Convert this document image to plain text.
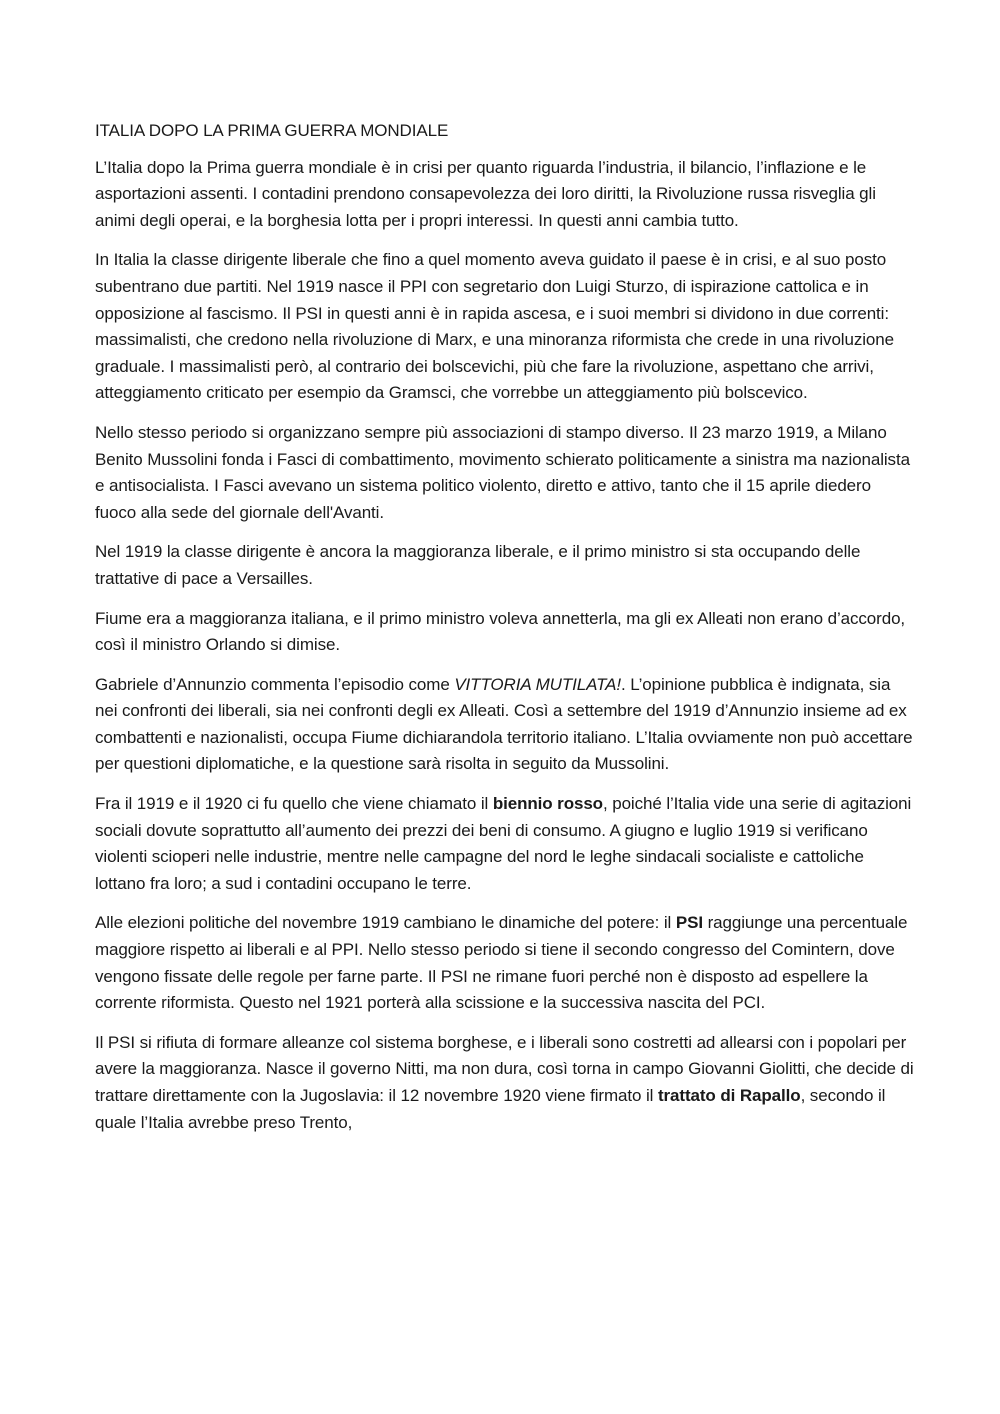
ITALIA DOPO LA PRIMA GUERRA MONDIALE

L’Italia dopo la Prima guerra mondiale è in crisi per quanto riguarda l’industria, il bilancio, l’inflazione e le asportazioni assenti. I contadini prendono consapevolezza dei loro diritti, la Rivoluzione russa risveglia gli animi degli operai, e la borghesia lotta per i propri interessi. In questi anni cambia tutto.

In Italia la classe dirigente liberale che fino a quel momento aveva guidato il paese è in crisi, e al suo posto subentrano due partiti. Nel 1919 nasce il PPI con segretario don Luigi Sturzo, di ispirazione cattolica e in opposizione al fascismo. Il PSI in questi anni è in rapida ascesa, e i suoi membri si dividono in due correnti: massimalisti, che credono nella rivoluzione di Marx, e una minoranza riformista che crede in una rivoluzione graduale. I massimalisti però, al contrario dei bolscevichi, più che fare la rivoluzione, aspettano che arrivi, atteggiamento criticato per esempio da Gramsci, che vorrebbe un atteggiamento più bolscevico.

Nello stesso periodo si organizzano sempre più associazioni di stampo diverso. Il 23 marzo 1919, a Milano Benito Mussolini fonda i Fasci di combattimento, movimento schierato politicamente a sinistra ma nazionalista e antisocialista. I Fasci avevano un sistema politico violento, diretto e attivo, tanto che il 15 aprile diedero fuoco alla sede del giornale dell'Avanti.

Nel 1919 la classe dirigente è ancora la maggioranza liberale, e il primo ministro si sta occupando delle trattative di pace a Versailles.

Fiume era a maggioranza italiana, e il primo ministro voleva annetterla, ma gli ex Alleati non erano d’accordo, così il ministro Orlando si dimise.

Gabriele d’Annunzio commenta l’episodio come VITTORIA MUTILATA!. L’opinione pubblica è indignata, sia nei confronti dei liberali, sia nei confronti degli ex Alleati. Così a settembre del 1919 d’Annunzio insieme ad ex combattenti e nazionalisti, occupa Fiume dichiarandola territorio italiano. L’Italia ovviamente non può accettare per questioni diplomatiche, e la questione sarà risolta in seguito da Mussolini.

Fra il 1919 e il 1920 ci fu quello che viene chiamato il biennio rosso, poiché l’Italia vide una serie di agitazioni sociali dovute soprattutto all’aumento dei prezzi dei beni di consumo. A giugno e luglio 1919 si verificano violenti scioperi nelle industrie, mentre nelle campagne del nord le leghe sindacali socialiste e cattoliche lottano fra loro; a sud i contadini occupano le terre.

Alle elezioni politiche del novembre 1919 cambiano le dinamiche del potere: il PSI raggiunge una percentuale maggiore rispetto ai liberali e al PPI. Nello stesso periodo si tiene il secondo congresso del Comintern, dove vengono fissate delle regole per farne parte. Il PSI ne rimane fuori perché non è disposto ad espellere la corrente riformista. Questo nel 1921 porterà alla scissione e la successiva nascita del PCI.

Il PSI si rifiuta di formare alleanze col sistema borghese, e i liberali sono costretti ad allearsi con i popolari per avere la maggioranza. Nasce il governo Nitti, ma non dura, così torna in campo Giovanni Giolitti, che decide di trattare direttamente con la Jugoslavia: il 12 novembre 1920 viene firmato il trattato di Rapallo, secondo il quale l’Italia avrebbe preso Trento,
